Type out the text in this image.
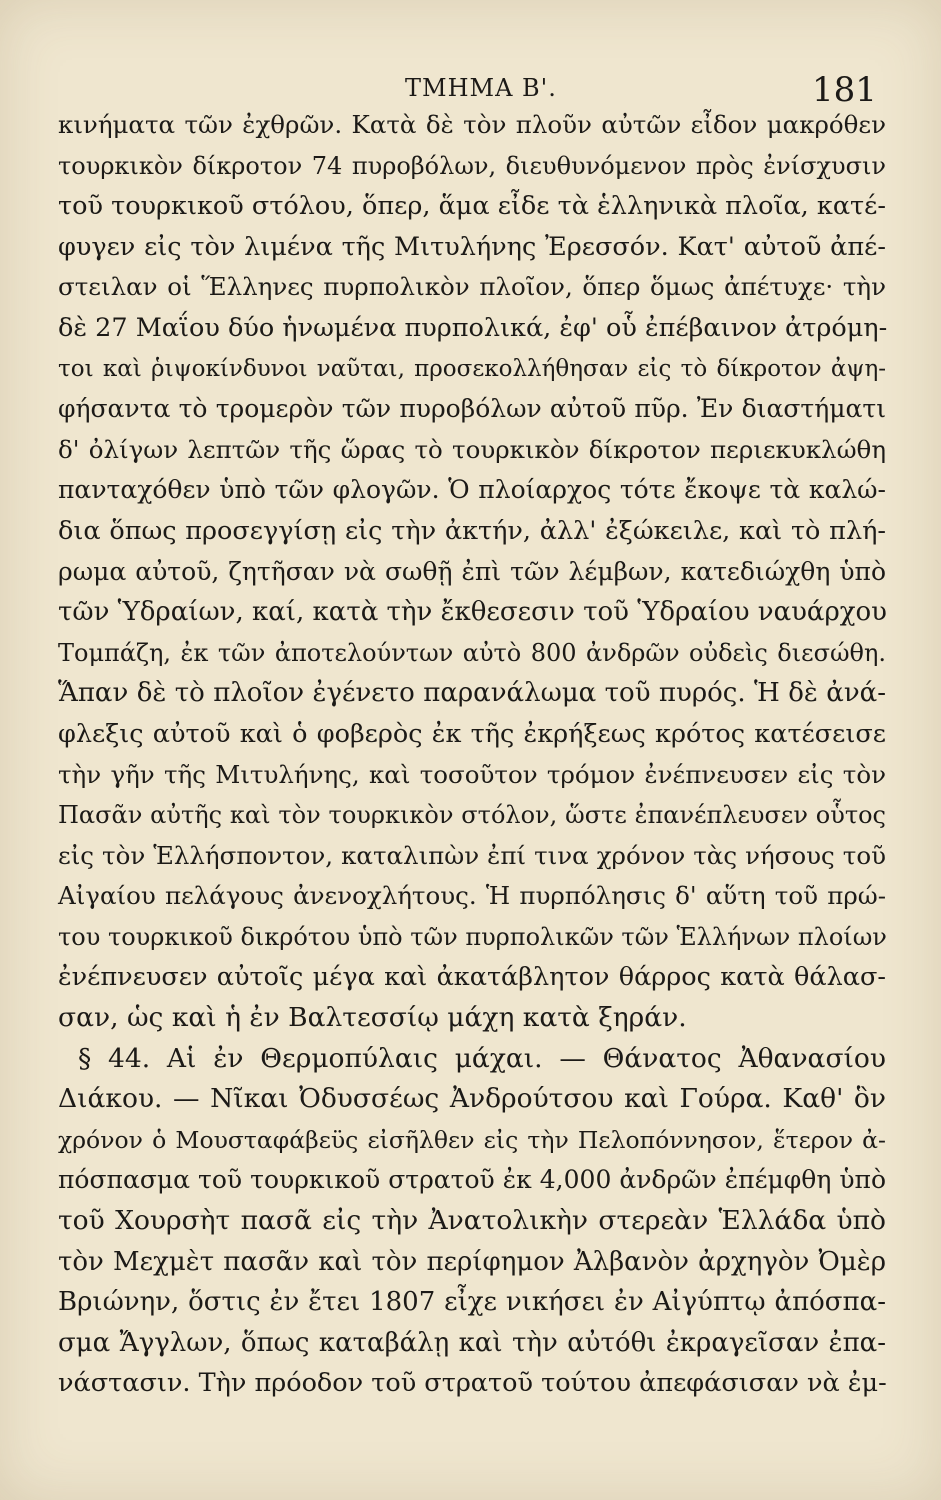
ΤΜΗΜΑ Β'.	181
κινήματα τῶν ἐχθρῶν. Κατὰ δὲ τὸν πλοῦν αὐτῶν εἶδον μακρόθεν
τουρκικὸν δίκροτον 74 πυροβόλων, διευθυνόμενον πρὸς ἐνίσχυσιν
τοῦ τουρκικοῦ στόλου, ὅπερ, ἅμα εἶδε τὰ ἑλληνικὰ πλοῖα, κατέ-
φυγεν εἰς τὸν λιμένα τῆς Μιτυλήνης Ἐρεσσόν. Κατ' αὐτοῦ ἀπέ-
στειλαν οἱ Ἕλληνες πυρπολικὸν πλοῖον, ὅπερ ὅμως ἀπέτυχε· τὴν
δὲ 27 Μαΐου δύο ἡνωμένα πυρπολικά, ἐφ' οὗ ἐπέβαινον ἀτρόμη-
τοι καὶ ῥιψοκίνδυνοι ναῦται, προσεκολλήθησαν εἰς τὸ δίκροτον ἀψη-
φήσαντα τὸ τρομερὸν τῶν πυροβόλων αὐτοῦ πῦρ. Ἐν διαστήματι
δ' ὀλίγων λεπτῶν τῆς ὥρας τὸ τουρκικὸν δίκροτον περιεκυκλώθη
πανταχόθεν ὑπὸ τῶν φλογῶν. Ὁ πλοίαρχος τότε ἔκοψε τὰ καλώ-
δια ὅπως προσεγγίσῃ εἰς τὴν ἀκτήν, ἀλλ' ἐξώκειλε, καὶ τὸ πλή-
ρωμα αὐτοῦ, ζητῆσαν νὰ σωθῇ ἐπὶ τῶν λέμβων, κατεδιώχθη ὑπὸ
τῶν Ὑδραίων, καί, κατὰ τὴν ἔκθεσεσιν τοῦ Ὑδραίου ναυάρχου
Τομπάζη, ἐκ τῶν ἀποτελούντων αὐτὸ 800 ἀνδρῶν οὐδεὶς διεσώθη.
Ἅπαν δὲ τὸ πλοῖον ἐγένετο παρανάλωμα τοῦ πυρός. Ἡ δὲ ἀνά-
φλεξις αὐτοῦ καὶ ὁ φοβερὸς ἐκ τῆς ἐκρήξεως κρότος κατέσεισε
τὴν γῆν τῆς Μιτυλήνης, καὶ τοσοῦτον τρόμον ἐνέπνευσεν εἰς τὸν
Πασᾶν αὐτῆς καὶ τὸν τουρκικὸν στόλον, ὥστε ἐπανέπλευσεν οὗτος
εἰς τὸν Ἑλλήσποντον, καταλιπὼν ἐπί τινα χρόνον τὰς νήσους τοῦ
Αἰγαίου πελάγους ἀνενοχλήτους. Ἡ πυρπόλησις δ' αὕτη τοῦ πρώ-
του τουρκικοῦ δικρότου ὑπὸ τῶν πυρπολικῶν τῶν Ἑλλήνων πλοίων
ἐνέπνευσεν αὐτοῖς μέγα καὶ ἀκατάβλητον θάρρος κατὰ θάλασ-
σαν, ὡς καὶ ἡ ἐν Βαλτεσσίῳ μάχη κατὰ ξηράν.
§ 44. Αἱ ἐν Θερμοπύλαις μάχαι. — Θάνατος Ἀθανασίου
Διάκου. — Νῖκαι Ὀδυσσέως Ἀνδρούτσου καὶ Γούρα. Καθ' ὃν
χρόνον ὁ Μουσταφάβεϋς εἰσῆλθεν εἰς τὴν Πελοπόννησον, ἕτερον ἀ-
πόσπασμα τοῦ τουρκικοῦ στρατοῦ ἐκ 4,000 ἀνδρῶν ἐπέμφθη ὑπὸ
τοῦ Χουρσὴτ πασᾶ εἰς τὴν Ἀνατολικὴν στερεὰν Ἑλλάδα ὑπὸ
τὸν Μεχμὲτ πασᾶν καὶ τὸν περίφημον Ἀλβανὸν ἀρχηγὸν Ὀμὲρ
Βριώνην, ὅστις ἐν ἔτει 1807 εἶχε νικήσει ἐν Αἰγύπτῳ ἀπόσπα-
σμα Ἄγγλων, ὅπως καταβάλῃ καὶ τὴν αὐτόθι ἐκραγεῖσαν ἐπα-
νάστασιν. Τὴν πρόοδον τοῦ στρατοῦ τούτου ἀπεφάσισαν νὰ ἐμ-
